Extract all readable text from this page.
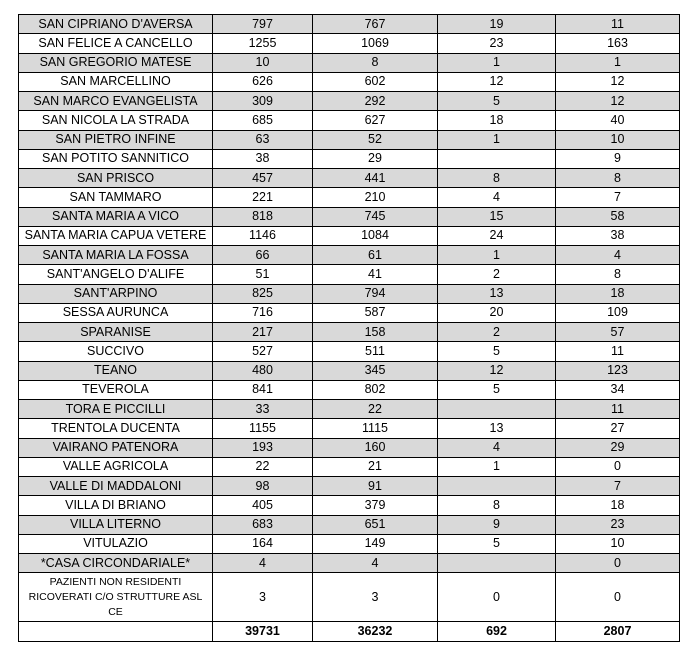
SAN CIPRIANO D'AVERSA	797	767	19	11
SAN FELICE A CANCELLO	1255	1069	23	163
SAN GREGORIO MATESE	10	8	1	1
SAN MARCELLINO	626	602	12	12
SAN MARCO EVANGELISTA	309	292	5	12
SAN NICOLA LA STRADA	685	627	18	40
SAN PIETRO INFINE	63	52	1	10
SAN POTITO SANNITICO	38	29		9
SAN PRISCO	457	441	8	8
SAN TAMMARO	221	210	4	7
SANTA MARIA A VICO	818	745	15	58
SANTA MARIA CAPUA VETERE	1146	1084	24	38
SANTA MARIA LA FOSSA	66	61	1	4
SANT'ANGELO D'ALIFE	51	41	2	8
SANT'ARPINO	825	794	13	18
SESSA AURUNCA	716	587	20	109
SPARANISE	217	158	2	57
SUCCIVO	527	511	5	11
TEANO	480	345	12	123
TEVEROLA	841	802	5	34
TORA E PICCILLI	33	22		11
TRENTOLA DUCENTA	1155	1115	13	27
VAIRANO PATENORA	193	160	4	29
VALLE AGRICOLA	22	21	1	0
VALLE DI MADDALONI	98	91		7
VILLA DI BRIANO	405	379	8	18
VILLA LITERNO	683	651	9	23
VITULAZIO	164	149	5	10
*CASA CIRCONDARIALE*	4	4		0
PAZIENTI NON RESIDENTI RICOVERATI C/O STRUTTURE ASL CE	3	3	0	0
	39731	36232	692	2807
